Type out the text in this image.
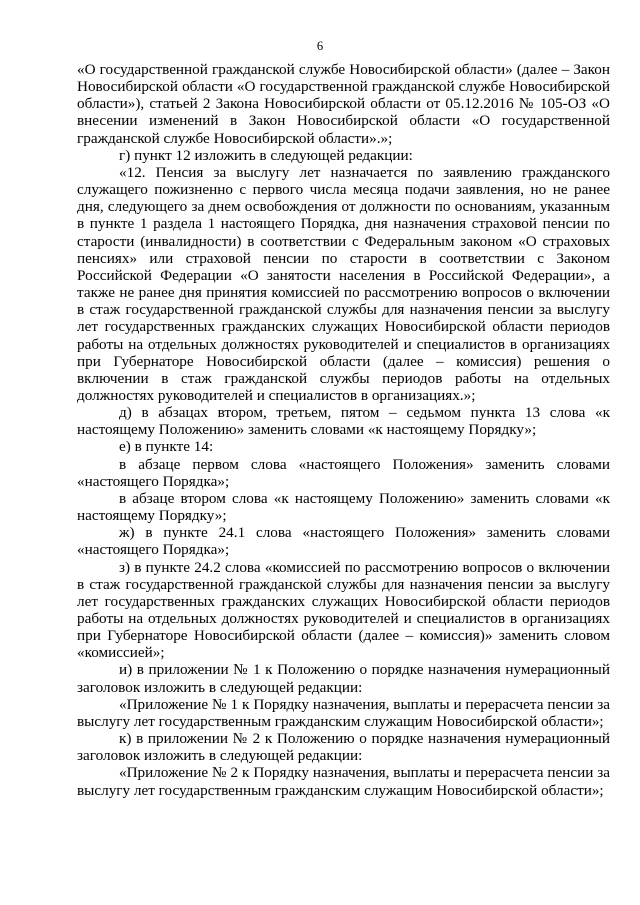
6

«О государственной гражданской службе Новосибирской области» (далее – Закон Новосибирской области «О государственной гражданской службе Новосибирской области»), статьей 2 Закона Новосибирской области от 05.12.2016 № 105-ОЗ «О внесении изменений в Закон Новосибирской области «О государственной гражданской службе Новосибирской области».»;

г) пункт 12 изложить в следующей редакции:

«12. Пенсия за выслугу лет назначается по заявлению гражданского служащего пожизненно с первого числа месяца подачи заявления, но не ранее дня, следующего за днем освобождения от должности по основаниям, указанным в пункте 1 раздела 1 настоящего Порядка, дня назначения страховой пенсии по старости (инвалидности) в соответствии с Федеральным законом «О страховых пенсиях» или страховой пенсии по старости в соответствии с Законом Российской Федерации «О занятости населения в Российской Федерации», а также не ранее дня принятия комиссией по рассмотрению вопросов о включении в стаж государственной гражданской службы для назначения пенсии за выслугу лет государственных гражданских служащих Новосибирской области периодов работы на отдельных должностях руководителей и специалистов в организациях при Губернаторе Новосибирской области (далее – комиссия) решения о включении в стаж гражданской службы периодов работы на отдельных должностях руководителей и специалистов в организациях.»;

д) в абзацах втором, третьем, пятом – седьмом пункта 13 слова «к настоящему Положению» заменить словами «к настоящему Порядку»;

е) в пункте 14:

в абзаце первом слова «настоящего Положения» заменить словами «настоящего Порядка»;

в абзаце втором слова «к настоящему Положению» заменить словами «к настоящему Порядку»;

ж) в пункте 24.1 слова «настоящего Положения» заменить словами «настоящего Порядка»;

з) в пункте 24.2 слова «комиссией по рассмотрению вопросов о включении в стаж государственной гражданской службы для назначения пенсии за выслугу лет государственных гражданских служащих Новосибирской области периодов работы на отдельных должностях руководителей и специалистов в организациях при Губернаторе Новосибирской области (далее – комиссия)» заменить словом «комиссией»;

и) в приложении № 1 к Положению о порядке назначения нумерационный заголовок изложить в следующей редакции:

«Приложение № 1 к Порядку назначения, выплаты и перерасчета пенсии за выслугу лет государственным гражданским служащим Новосибирской области»;

к) в приложении № 2 к Положению о порядке назначения нумерационный заголовок изложить в следующей редакции:

«Приложение № 2 к Порядку назначения, выплаты и перерасчета пенсии за выслугу лет государственным гражданским служащим Новосибирской области»;
